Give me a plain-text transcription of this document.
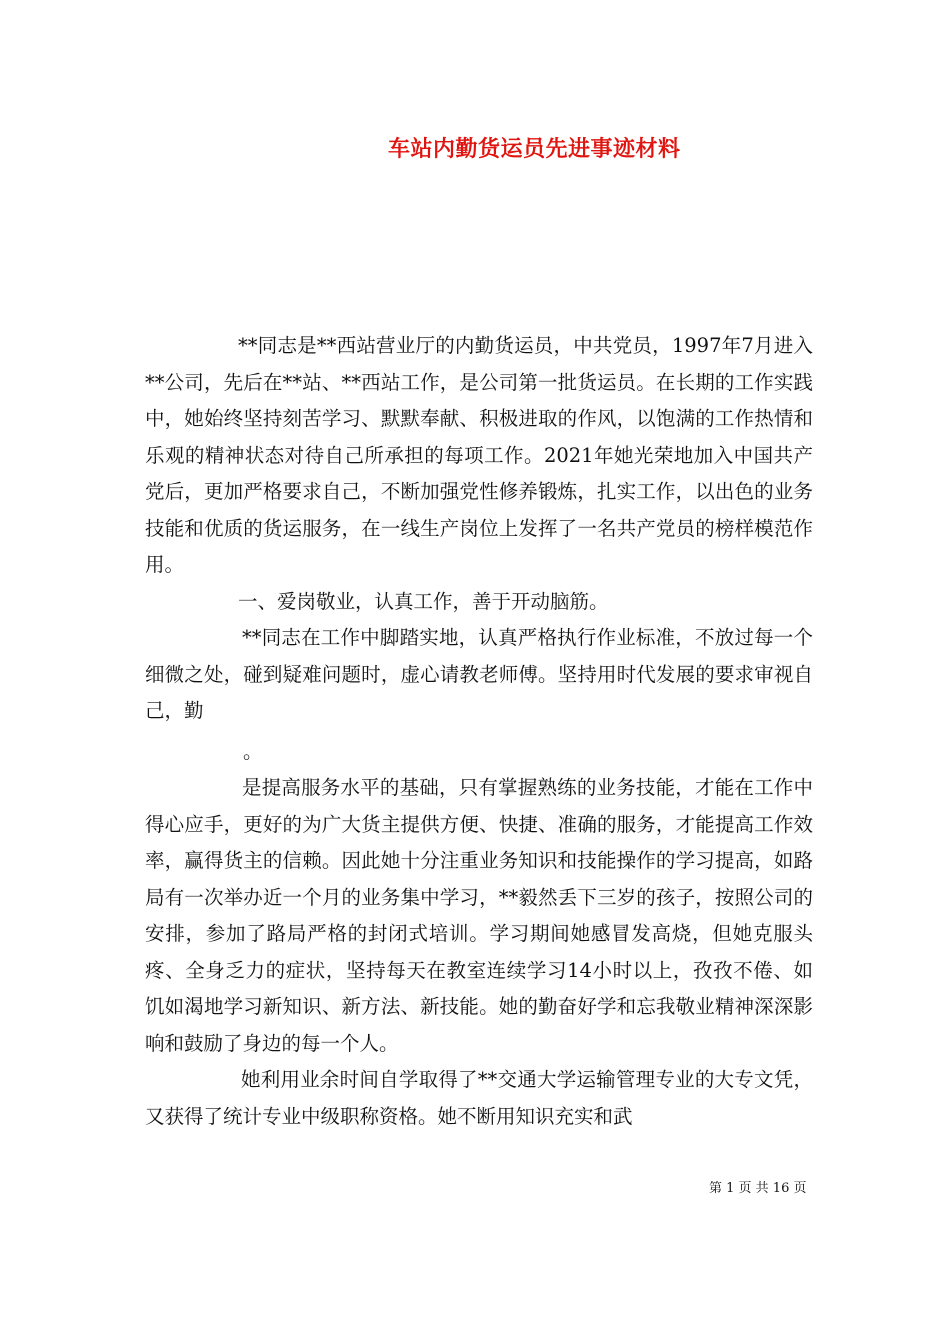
车站内勤货运员先进事迹材料

**同志是**西站营业厅的内勤货运员，中共党员，1997年7月进入**公司，先后在**站、**西站工作，是公司第一批货运员。在长期的工作实践中，她始终坚持刻苦学习、默默奉献、积极进取的作风，以饱满的工作热情和乐观的精神状态对待自己所承担的每项工作。2021年她光荣地加入中国共产党后，更加严格要求自己，不断加强党性修养锻炼，扎实工作，以出色的业务技能和优质的货运服务，在一线生产岗位上发挥了一名共产党员的榜样模范作用。

一、爱岗敬业，认真工作，善于开动脑筋。

**同志在工作中脚踏实地，认真严格执行作业标准，不放过每一个细微之处，碰到疑难问题时，虚心请教老师傅。坚持用时代发展的要求审视自己，勤

。

是提高服务水平的基础，只有掌握熟练的业务技能，才能在工作中得心应手，更好的为广大货主提供方便、快捷、准确的服务，才能提高工作效率，赢得货主的信赖。因此她十分注重业务知识和技能操作的学习提高，如路局有一次举办近一个月的业务集中学习，**毅然丢下三岁的孩子，按照公司的安排，参加了路局严格的封闭式培训。学习期间她感冒发高烧，但她克服头疼、全身乏力的症状，坚持每天在教室连续学习14小时以上，孜孜不倦、如饥如渴地学习新知识、新方法、新技能。她的勤奋好学和忘我敬业精神深深影响和鼓励了身边的每一个人。

她利用业余时间自学取得了**交通大学运输管理专业的大专文凭，又获得了统计专业中级职称资格。她不断用知识充实和武

第 1 页 共 16 页
